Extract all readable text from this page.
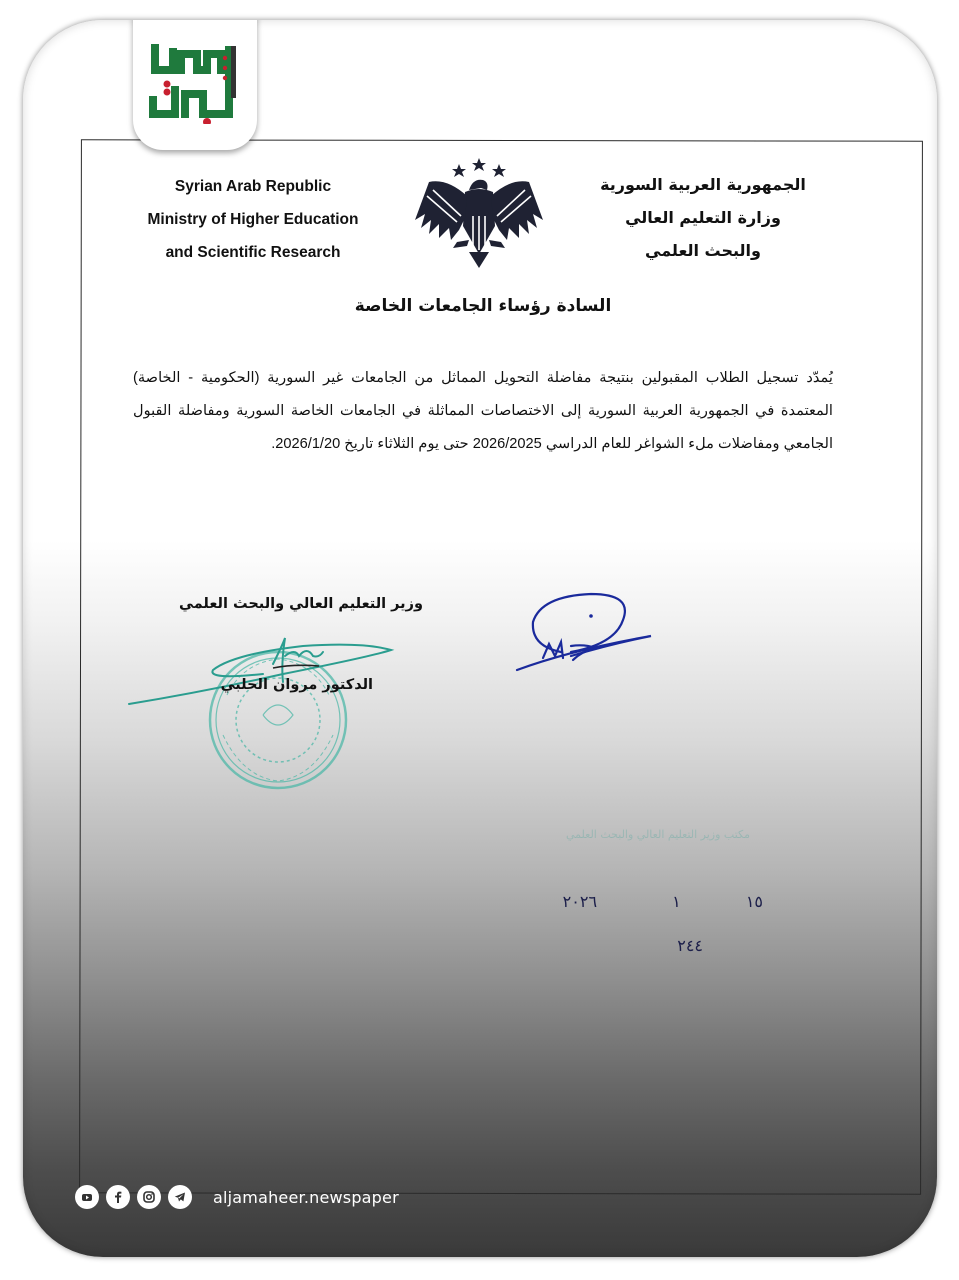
Syrian Arab Republic
Ministry of Higher Education
and Scientific Research
الجمهورية العربية السورية
وزارة التعليم العالي
والبحث العلمي
السادة رؤساء الجامعات الخاصة
يُمدّد تسجيل الطلاب المقبولين بنتيجة مفاضلة التحويل المماثل من الجامعات غير السورية (الحكومية - الخاصة) المعتمدة في الجمهورية العربية السورية إلى الاختصاصات المماثلة في الجامعات الخاصة السورية ومفاضلة القبول الجامعي ومفاضلات ملء الشواغر للعام الدراسي 2026/2025 حتى يوم الثلاثاء تاريخ 2026/1/20.
وزير التعليم العالي والبحث العلمي
الدكتور مروان الحلبي
مكتب وزير التعليم العالي والبحث العلمي
١٥ ١ ٢٠٢٦
٢٤٤
aljamaheer.newspaper
